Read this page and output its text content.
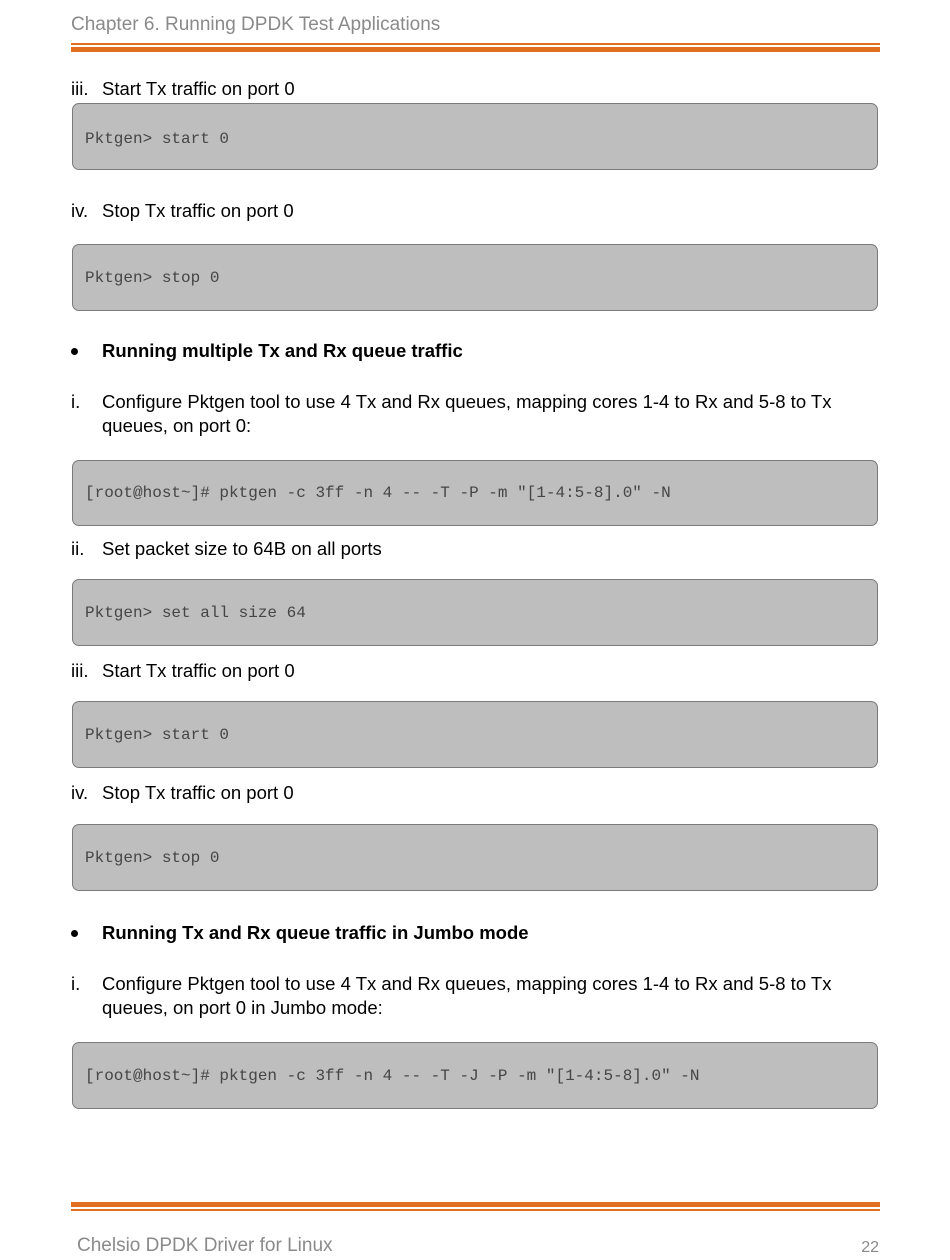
Chapter 6. Running DPDK Test Applications
iii. Start Tx traffic on port 0
Pktgen> start 0
iv. Stop Tx traffic on port 0
Pktgen> stop 0
Running multiple Tx and Rx queue traffic
i. Configure Pktgen tool to use 4 Tx and Rx queues, mapping cores 1-4 to Rx and 5-8 to Tx queues, on port 0:
[root@host~]# pktgen -c 3ff -n 4 -- -T -P -m "[1-4:5-8].0" -N
ii. Set packet size to 64B on all ports
Pktgen> set all size 64
iii. Start Tx traffic on port 0
Pktgen> start 0
iv. Stop Tx traffic on port 0
Pktgen> stop 0
Running Tx and Rx queue traffic in Jumbo mode
i. Configure Pktgen tool to use 4 Tx and Rx queues, mapping cores 1-4 to Rx and 5-8 to Tx queues, on port 0 in Jumbo mode:
[root@host~]# pktgen -c 3ff -n 4 -- -T -J -P -m "[1-4:5-8].0" -N
Chelsio DPDK Driver for Linux	22
